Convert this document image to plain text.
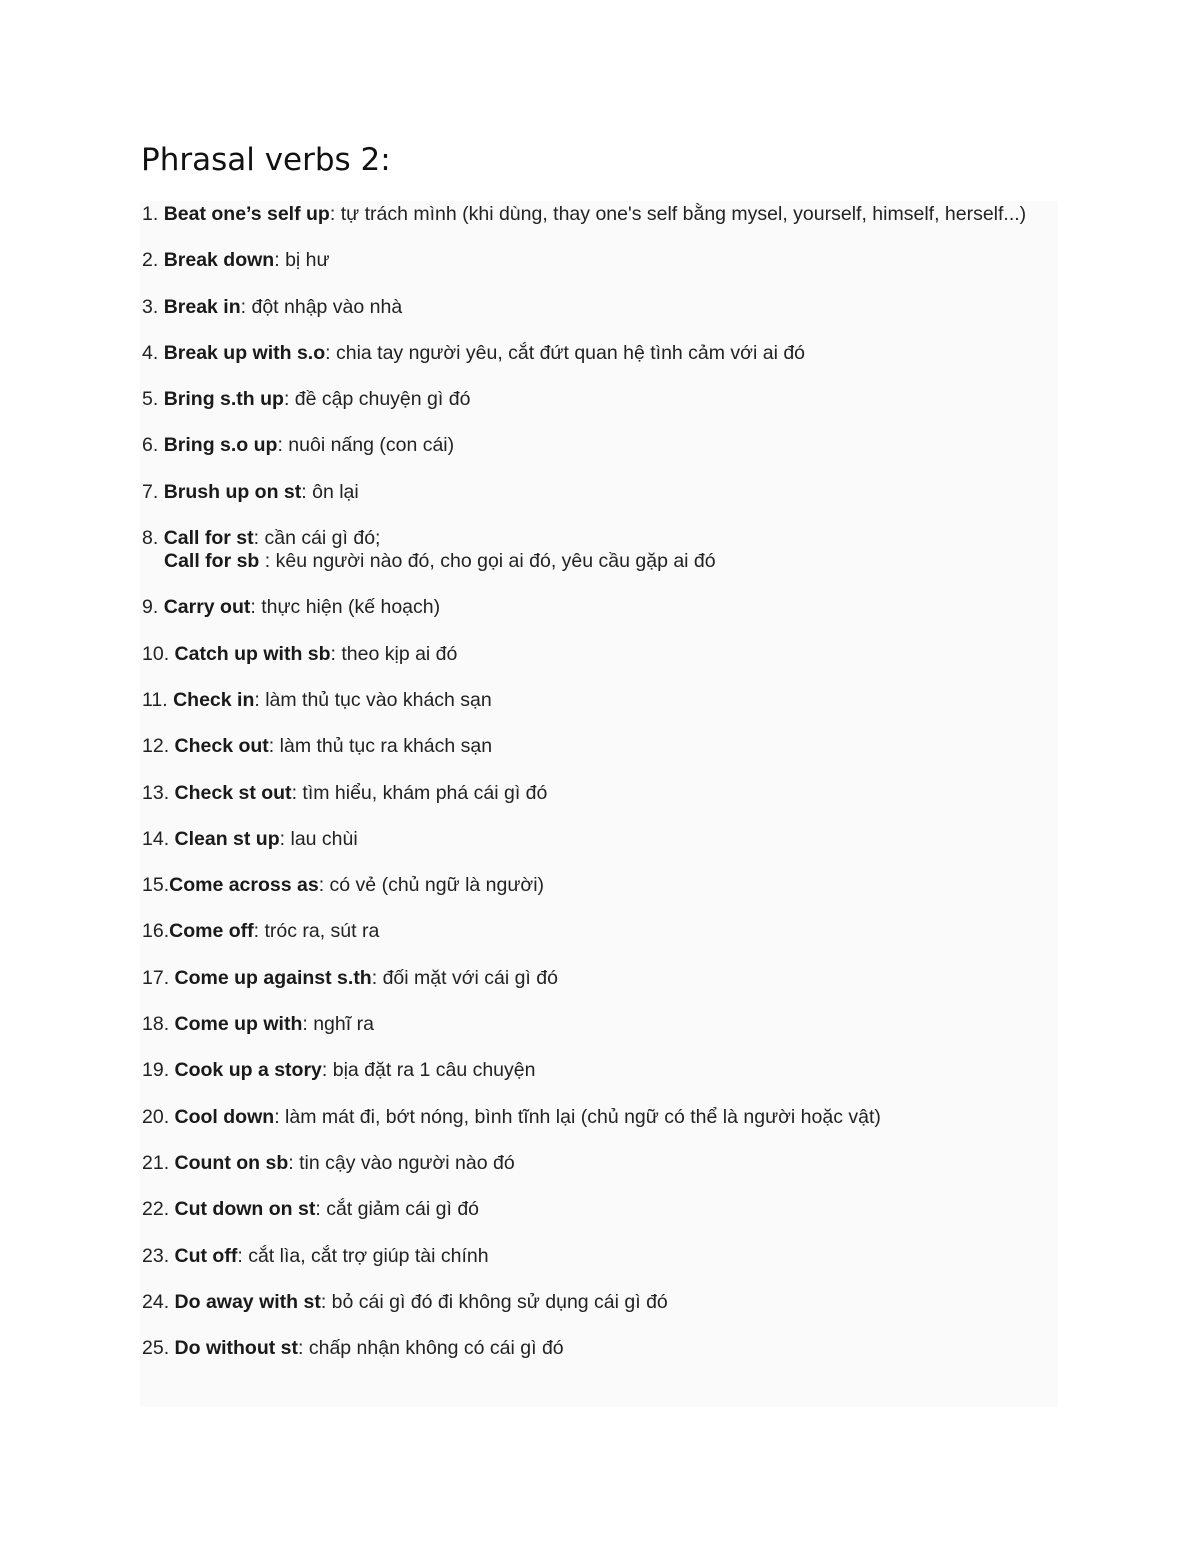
Phrasal verbs 2:
1. Beat one’s self up: tự trách mình (khi dùng, thay one's self bằng mysel, yourself, himself, herself...)
2. Break down: bị hư
3. Break in: đột nhập vào nhà
4. Break up with s.o: chia tay người yêu, cắt đứt quan hệ tình cảm với ai đó
5. Bring s.th up: đề cập chuyện gì đó
6. Bring s.o up: nuôi nấng (con cái)
7. Brush up on st: ôn lại
8. Call for st: cần cái gì đó;
Call for sb : kêu người nào đó, cho gọi ai đó, yêu cầu gặp ai đó
9. Carry out: thực hiện (kế hoạch)
10. Catch up with sb: theo kịp ai đó
11. Check in: làm thủ tục vào khách sạn
12. Check out: làm thủ tục ra khách sạn
13. Check st out: tìm hiểu, khám phá cái gì đó
14. Clean st up: lau chùi
15.Come across as: có vẻ (chủ ngữ là người)
16.Come off: tróc ra, sút ra
17. Come up against s.th: đối mặt với cái gì đó
18. Come up with: nghĩ ra
19. Cook up a story: bịa đặt ra 1 câu chuyện
20. Cool down: làm mát đi, bớt nóng, bình tĩnh lại (chủ ngữ có thể là người hoặc vật)
21. Count on sb: tin cậy vào người nào đó
22. Cut down on st: cắt giảm cái gì đó
23. Cut off: cắt lìa, cắt trợ giúp tài chính
24. Do away with st: bỏ cái gì đó đi không sử dụng cái gì đó
25. Do without st: chấp nhận không có cái gì đó
